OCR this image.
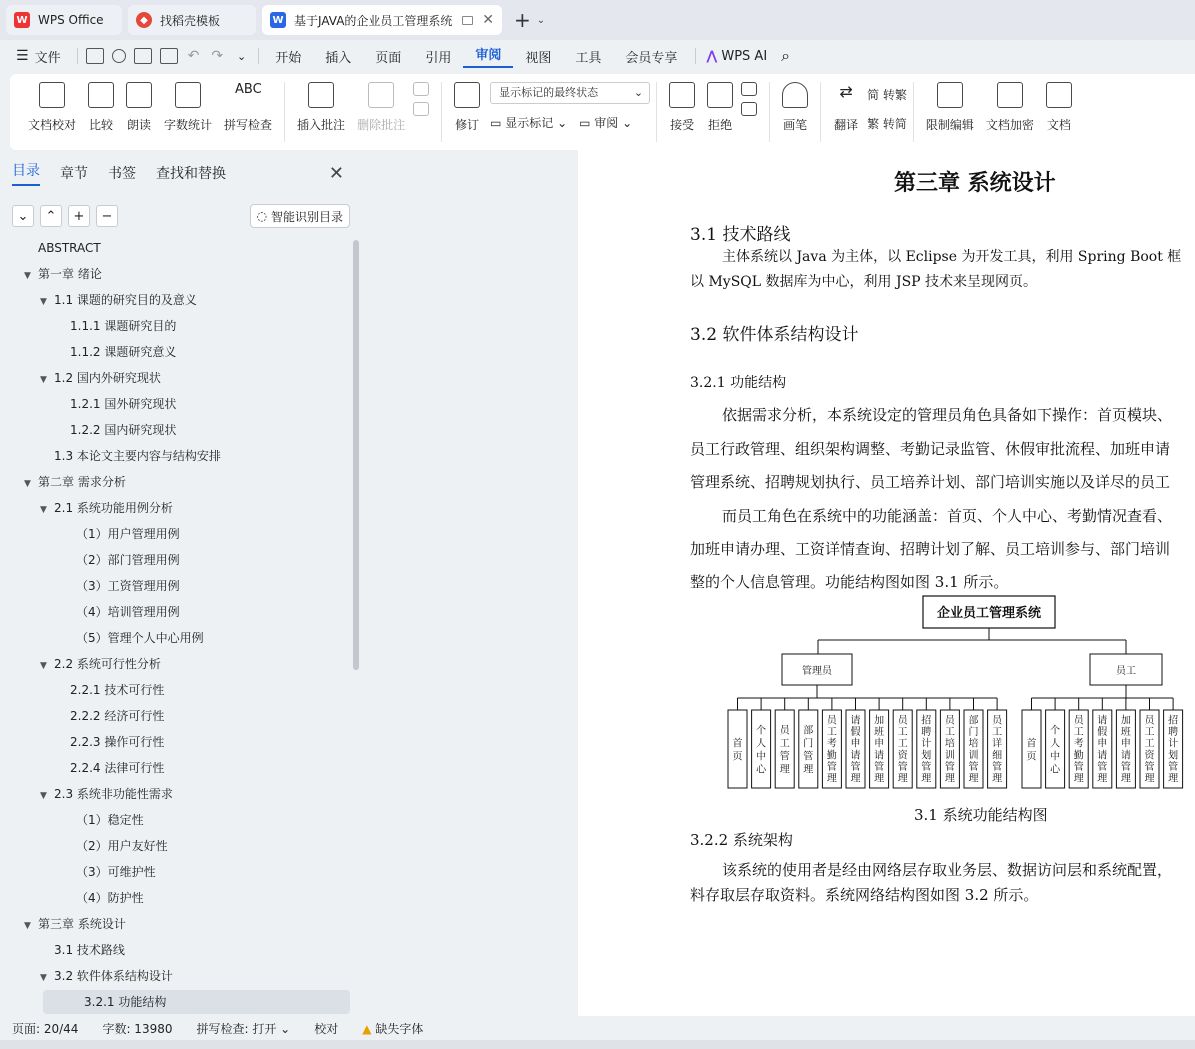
W WPS Office	◆	找稻壳模板	W 基于JAVA的企业员工管理系统 ✕ + ⌄
☰ 文件	↶ ↷ ⌄	开始	插入	页面	引用	审阅	视图	工具	会员专享	⋀ WPS AI ⌕
文档校对 比较 朗读 字数统计
ABC
拼写检查 插入批注 删除批注	修订
显示标记的最终状态	⌄
▭ 显示标记 ⌄ ▭ 审阅 ⌄	接受 拒绝	画笔
⇄
翻译
简 转繁
繁 转简 限制编辑 文档加密 文档
目录 章节 书签 查找和替换	✕
⌄	⌃	+	−	◌ 智能识别目录
ABSTRACT
▼ 第一章 绪论
▼ 1.1 课题的研究目的及意义
1.1.1 课题研究目的
1.1.2 课题研究意义
▼ 1.2 国内外研究现状
1.2.1 国外研究现状
1.2.2 国内研究现状
1.3 本论文主要内容与结构安排
▼ 第二章 需求分析
▼ 2.1 系统功能用例分析
（1）用户管理用例
（2）部门管理用例
（3）工资管理用例
（4）培训管理用例
（5）管理个人中心用例
▼ 2.2 系统可行性分析
2.2.1 技术可行性
2.2.2 经济可行性
2.2.3 操作可行性
2.2.4 法律可行性
▼ 2.3 系统非功能性需求
（1）稳定性
（2）用户友好性
（3）可维护性
（4）防护性
▼ 第三章 系统设计
3.1 技术路线
▼ 3.2 软件体系结构设计
3.2.1 功能结构
第三章 系统设计
3.1 技术路线
主体系统以 Java 为主体，以 Eclipse 为开发工具，利用 Spring Boot 框
以 MySQL 数据库为中心，利用 JSP 技术来呈现网页。
3.2 软件体系结构设计
3.2.1 功能结构
依据需求分析，本系统设定的管理员角色具备如下操作：首页模块、
员工行政管理、组织架构调整、考勤记录监管、休假审批流程、加班申请
管理系统、招聘规划执行、员工培养计划、部门培训实施以及详尽的员工
而员工角色在系统中的功能涵盖：首页、个人中心、考勤情况查看、
加班申请办理、工资详情查询、招聘计划了解、员工培训参与、部门培训
整的个人信息管理。功能结构图如图 3.1 所示。
企业员工管理系统
管理员	员工
首
页
个
人
中
心
员
工
管
理
部
门
管
理
员
工
考
勤
管
理
请
假
申
请
管
理
加
班
申
请
管
理
员
工
工
资
管
理
招
聘
计
划
管
理
员
工
培
训
管
理
部
门
培
训
管
理
员
工
详
细
管
理
首
页
个
人
中
心
员
工
考
勤
管
理
请
假
申
请
管
理
加
班
申
请
管
理
员
工
工
资
管
理
招
聘
计
划
管
理
3.1 系统功能结构图
3.2.2 系统架构
该系统的使用者是经由网络层存取业务层、数据访问层和系统配置，
料存取层存取资料。系统网络结构图如图 3.2 所示。
页面: 20/44	字数: 13980	拼写检查: 打开 ⌄	校对	▲ 缺失字体
